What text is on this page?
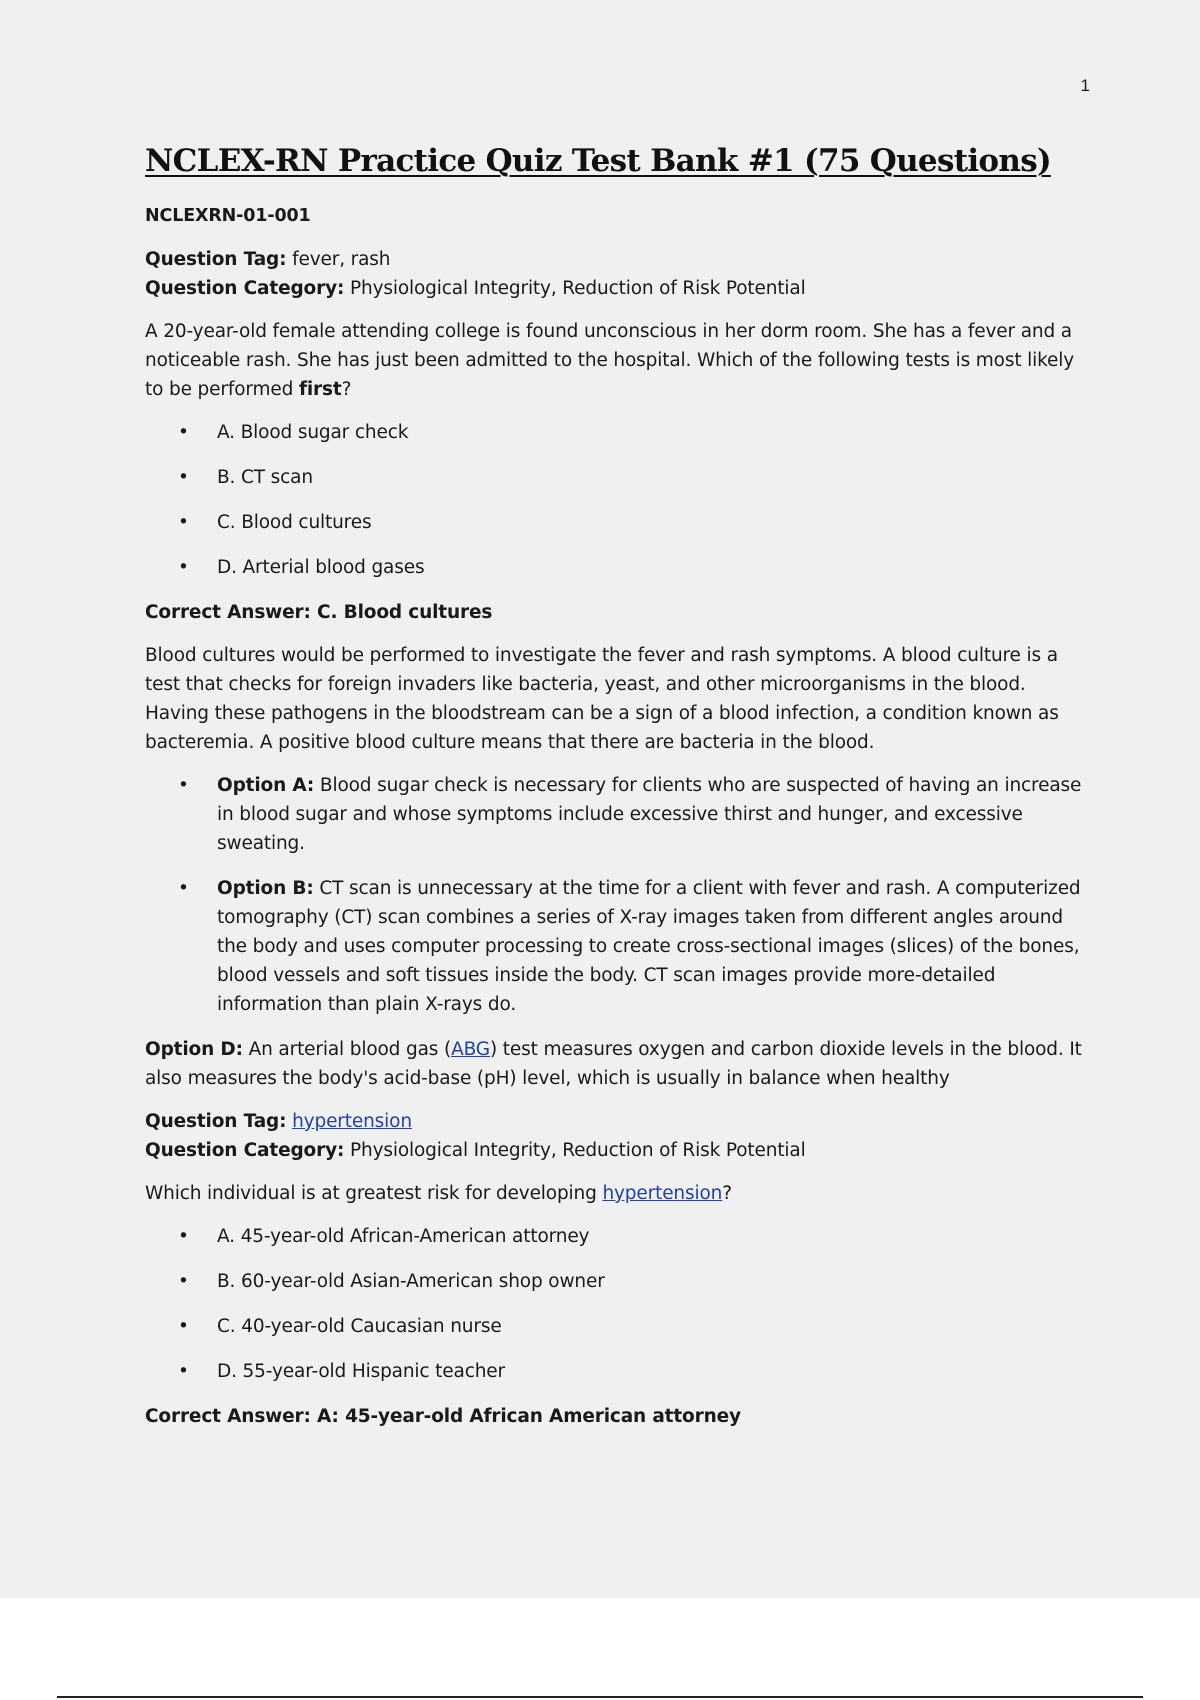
1
NCLEX-RN Practice Quiz Test Bank #1 (75 Questions)
NCLEXRN-01-001
Question Tag: fever, rash
Question Category: Physiological Integrity, Reduction of Risk Potential

A 20-year-old female attending college is found unconscious in her dorm room. She has a fever and a noticeable rash. She has just been admitted to the hospital. Which of the following tests is most likely to be performed first?

• A. Blood sugar check
• B. CT scan
• C. Blood cultures
• D. Arterial blood gases
Correct Answer: C. Blood cultures

Blood cultures would be performed to investigate the fever and rash symptoms. A blood culture is a test that checks for foreign invaders like bacteria, yeast, and other microorganisms in the blood. Having these pathogens in the bloodstream can be a sign of a blood infection, a condition known as bacteremia. A positive blood culture means that there are bacteria in the blood.

• Option A: Blood sugar check is necessary for clients who are suspected of having an increase in blood sugar and whose symptoms include excessive thirst and hunger, and excessive sweating.
• Option B: CT scan is unnecessary at the time for a client with fever and rash. A computerized tomography (CT) scan combines a series of X-ray images taken from different angles around the body and uses computer processing to create cross-sectional images (slices) of the bones, blood vessels and soft tissues inside the body. CT scan images provide more-detailed information than plain X-rays do.

Option D: An arterial blood gas (ABG) test measures oxygen and carbon dioxide levels in the blood. It also measures the body's acid-base (pH) level, which is usually in balance when healthy

Question Tag: hypertension
Question Category: Physiological Integrity, Reduction of Risk Potential

Which individual is at greatest risk for developing hypertension?

• A. 45-year-old African-American attorney
• B. 60-year-old Asian-American shop owner
• C. 40-year-old Caucasian nurse
• D. 55-year-old Hispanic teacher
Correct Answer: A: 45-year-old African American attorney
